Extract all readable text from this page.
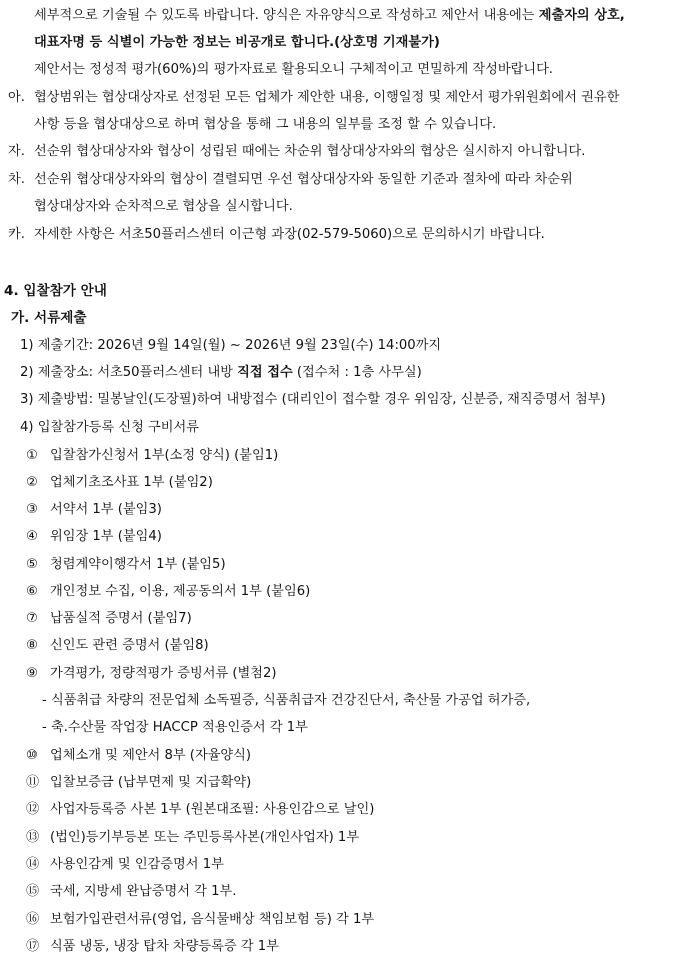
세부적으로 기술될 수 있도록 바랍니다. 양식은 자유양식으로 작성하고 제안서 내용에는 제출자의 상호,
대표자명 등 식별이 가능한 정보는 비공개로 합니다.(상호명 기재불가)
제안서는 정성적 평가(60%)의 평가자료로 활용되오니 구체적이고 면밀하게 작성바랍니다.
아. 협상범위는 협상대상자로 선정된 모든 업체가 제안한 내용, 이행일정 및 제안서 평가위원회에서 권유한
사항 등을 협상대상으로 하며 협상을 통해 그 내용의 일부를 조정 할 수 있습니다.
자. 선순위 협상대상자와 협상이 성립된 때에는 차순위 협상대상자와의 협상은 실시하지 아니합니다.
차. 선순위 협상대상자와의 협상이 결렬되면 우선 협상대상자와 동일한 기준과 절차에 따라 차순위
협상대상자와 순차적으로 협상을 실시합니다.
카. 자세한 사항은 서초50플러스센터 이근형 과장(02-579-5060)으로 문의하시기 바랍니다.
4. 입찰참가 안내
가. 서류제출
1) 제출기간: 2026년 9월 14일(월) ~ 2026년 9월 23일(수) 14:00까지
2) 제출장소: 서초50플러스센터 내방 직접 접수 (접수처 : 1층 사무실)
3) 제출방법: 밀봉날인(도장필)하여 내방접수 (대리인이 접수할 경우 위임장, 신분증, 재직증명서 첨부)
4) 입찰참가등록 신청 구비서류
① 입찰참가신청서 1부(소정 양식) (붙임1)
② 업체기초조사표 1부 (붙임2)
③ 서약서 1부 (붙임3)
④ 위임장 1부 (붙임4)
⑤ 청렴계약이행각서 1부 (붙임5)
⑥ 개인정보 수집, 이용, 제공동의서 1부 (붙임6)
⑦ 납품실적 증명서 (붙임7)
⑧ 신인도 관련 증명서 (붙임8)
⑨ 가격평가, 정량적평가 증빙서류 (별첨2)
- 식품취급 차량의 전문업체 소독필증, 식품취급자 건강진단서, 축산물 가공업 허가증,
- 축.수산물 작업장 HACCP 적용인증서 각 1부
⑩ 업체소개 및 제안서 8부 (자율양식)
⑪ 입찰보증금 (납부면제 및 지급확약)
⑫ 사업자등록증 사본 1부 (원본대조필: 사용인감으로 날인)
⑬ (법인)등기부등본 또는 주민등록사본(개인사업자) 1부
⑭ 사용인감계 및 인감증명서 1부
⑮ 국세, 지방세 완납증명서 각 1부.
⑯ 보험가입관련서류(영업, 음식물배상 책임보험 등) 각 1부
⑰ 식품 냉동, 냉장 탑차 차량등록증 각 1부
